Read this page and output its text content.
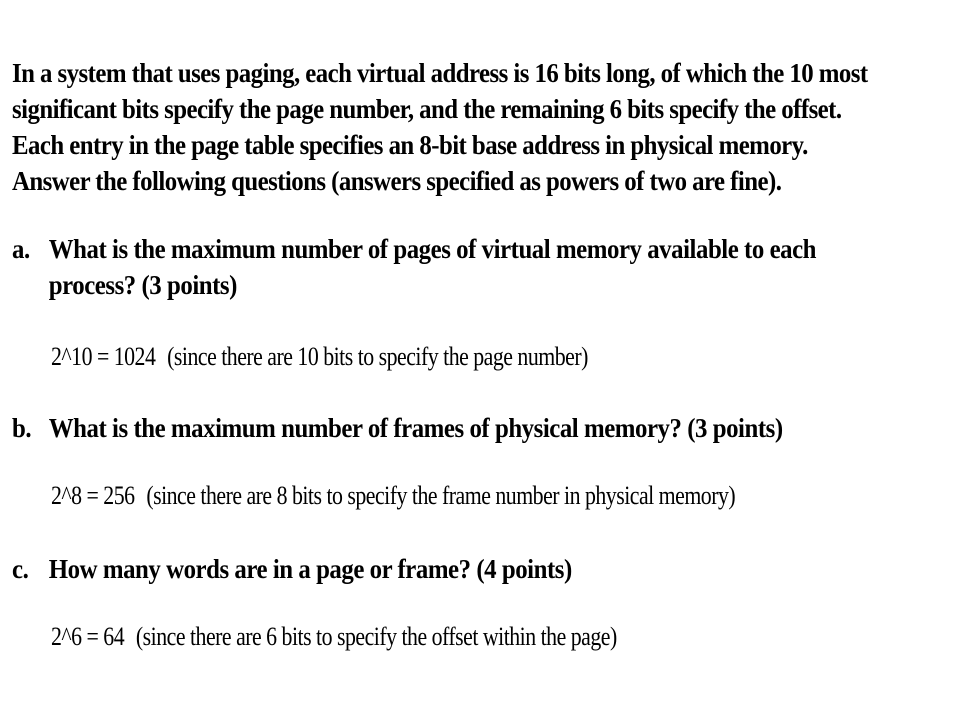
In a system that uses paging, each virtual address is 16 bits long, of which the 10 most
significant bits specify the page number, and the remaining 6 bits specify the offset.
Each entry in the page table specifies an 8-bit base address in physical memory.
Answer the following questions (answers specified as powers of two are fine).
a. What is the maximum number of pages of virtual memory available to each
process? (3 points)
2^10 = 1024 (since there are 10 bits to specify the page number)
b. What is the maximum number of frames of physical memory? (3 points)
2^8 = 256 (since there are 8 bits to specify the frame number in physical memory)
c. How many words are in a page or frame? (4 points)
2^6 = 64 (since there are 6 bits to specify the offset within the page)
